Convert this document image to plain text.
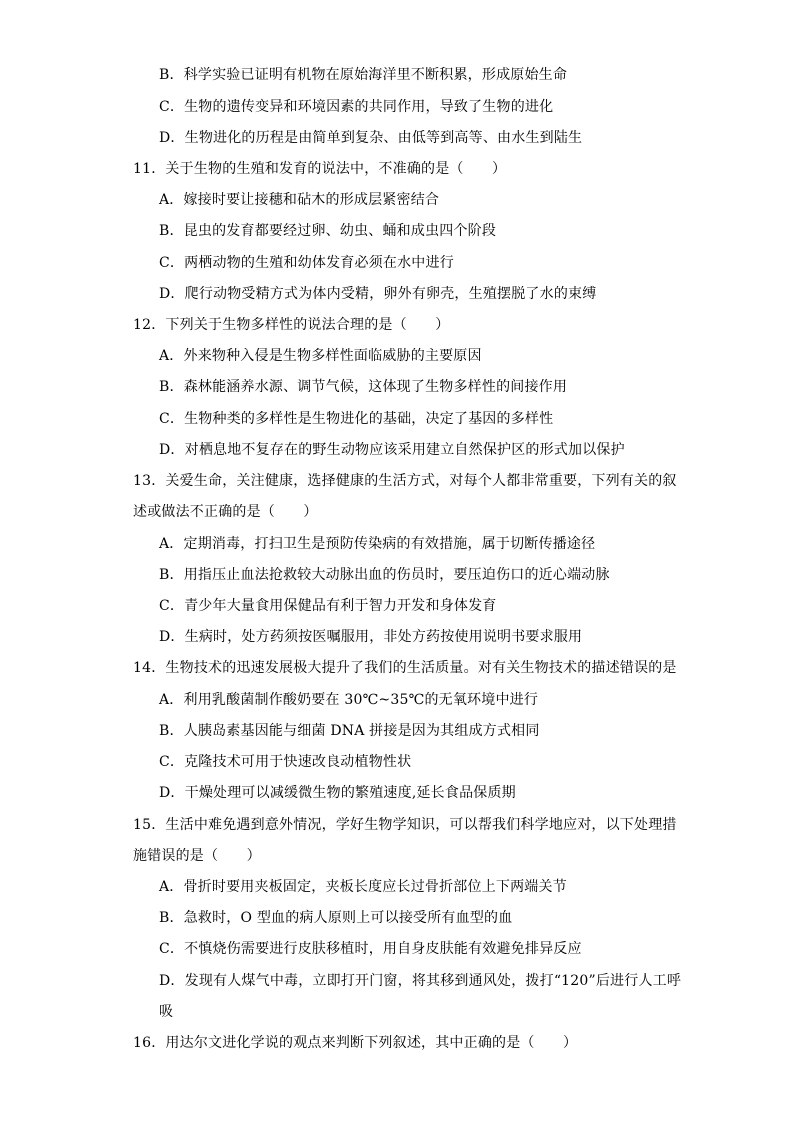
B．科学实验已证明有机物在原始海洋里不断积累，形成原始生命
C．生物的遗传变异和环境因素的共同作用，导致了生物的进化
D．生物进化的历程是由简单到复杂、由低等到高等、由水生到陆生
11．关于生物的生殖和发育的说法中，不准确的是（　　）
A．嫁接时要让接穗和砧木的形成层紧密结合
B．昆虫的发育都要经过卵、幼虫、蛹和成虫四个阶段
C．两栖动物的生殖和幼体发育必须在水中进行
D．爬行动物受精方式为体内受精，卵外有卵壳，生殖摆脱了水的束缚
12．下列关于生物多样性的说法合理的是（　　）
A．外来物种入侵是生物多样性面临威胁的主要原因
B．森林能涵养水源、调节气候，这体现了生物多样性的间接作用
C．生物种类的多样性是生物进化的基础，决定了基因的多样性
D．对栖息地不复存在的野生动物应该采用建立自然保护区的形式加以保护
13．关爱生命，关注健康，选择健康的生活方式，对每个人都非常重要，下列有关的叙
述或做法不正确的是（　　）
A．定期消毒，打扫卫生是预防传染病的有效措施，属于切断传播途径
B．用指压止血法抢救较大动脉出血的伤员时，要压迫伤口的近心端动脉
C．青少年大量食用保健品有利于智力开发和身体发育
D．生病时，处方药须按医嘱服用，非处方药按使用说明书要求服用
14．生物技术的迅速发展极大提升了我们的生活质量。对有关生物技术的描述错误的是
A．利用乳酸菌制作酸奶要在 30℃~35℃的无氧环境中进行
B．人胰岛素基因能与细菌 DNA 拼接是因为其组成方式相同
C．克隆技术可用于快速改良动植物性状
D．干燥处理可以减缓微生物的繁殖速度,延长食品保质期
15．生活中难免遇到意外情况，学好生物学知识，可以帮我们科学地应对，以下处理措
施错误的是（　　）
A．骨折时要用夹板固定，夹板长度应长过骨折部位上下两端关节
B．急救时，O 型血的病人原则上可以接受所有血型的血
C．不慎烧伤需要进行皮肤移植时，用自身皮肤能有效避免排异反应
D．发现有人煤气中毒，立即打开门窗，将其移到通风处，拨打“120”后进行人工呼
吸
16．用达尔文进化学说的观点来判断下列叙述，其中正确的是（　　）
